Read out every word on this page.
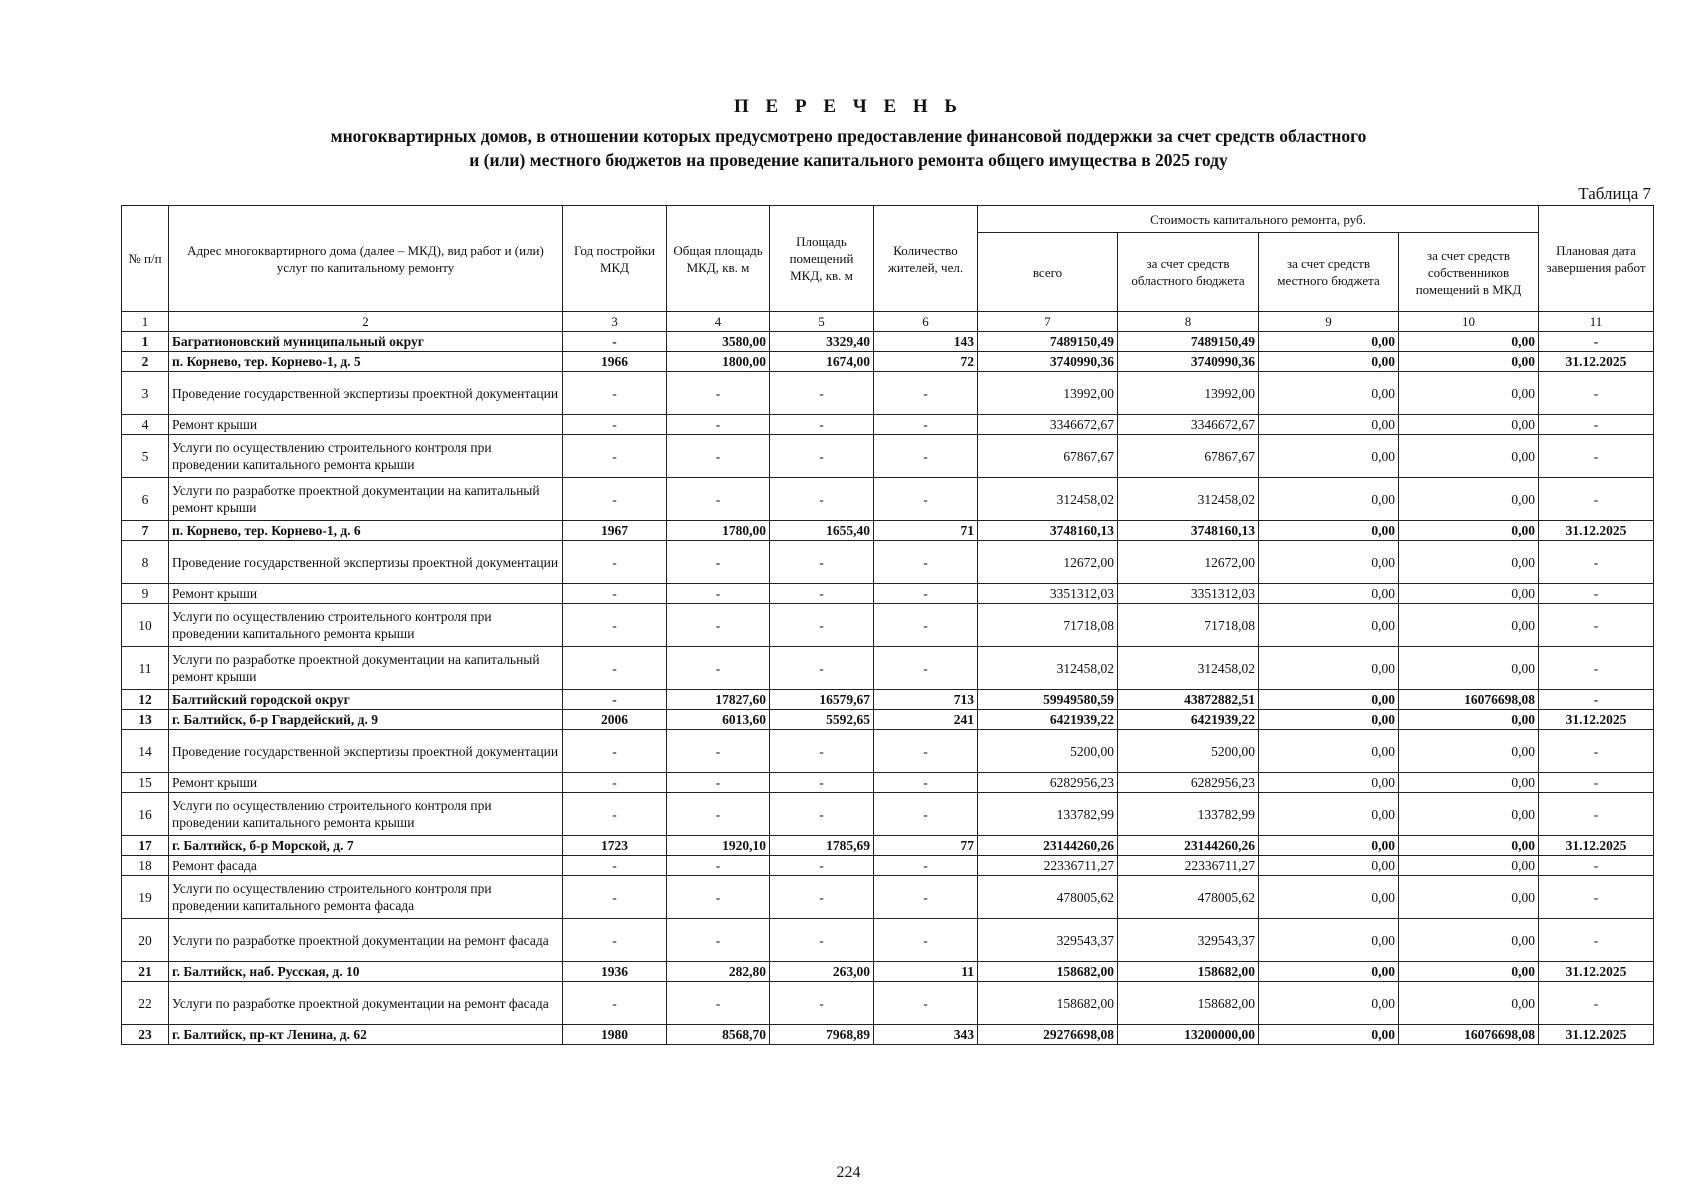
П Е Р Е Ч Е Н Ь
многоквартирных домов, в отношении которых предусмотрено предоставление финансовой поддержки за счет средств областного
и (или) местного бюджетов на проведение капитального ремонта общего имущества в 2025 году
Таблица 7
№ п/п	Адрес многоквартирного дома (далее – МКД), вид работ и (или) услуг по капитальному ремонту	Год постройки МКД	Общая площадь МКД, кв. м	Площадь помещений МКД, кв. м	Количество жителей, чел.	Стоимость капитального ремонта, руб.				Плановая дата завершения работ
						всего	за счет средств областного бюджета	за счет средств местного бюджета	за счет средств собственников помещений в МКД	
1	2	3	4	5	6	7	8	9	10	11
1	Багратионовский муниципальный округ	-	3580,00	3329,40	143	7489150,49	7489150,49	0,00	0,00	-
2	п. Корнево, тер. Корнево-1, д. 5	1966	1800,00	1674,00	72	3740990,36	3740990,36	0,00	0,00	31.12.2025
3	Проведение государственной экспертизы проектной документации	-	-	-	-	13992,00	13992,00	0,00	0,00	-
4	Ремонт крыши	-	-	-	-	3346672,67	3346672,67	0,00	0,00	-
5	Услуги по осуществлению строительного контроля при проведении капитального ремонта крыши	-	-	-	-	67867,67	67867,67	0,00	0,00	-
6	Услуги по разработке проектной документации на капитальный ремонт крыши	-	-	-	-	312458,02	312458,02	0,00	0,00	-
7	п. Корнево, тер. Корнево-1, д. 6	1967	1780,00	1655,40	71	3748160,13	3748160,13	0,00	0,00	31.12.2025
8	Проведение государственной экспертизы проектной документации	-	-	-	-	12672,00	12672,00	0,00	0,00	-
9	Ремонт крыши	-	-	-	-	3351312,03	3351312,03	0,00	0,00	-
10	Услуги по осуществлению строительного контроля при проведении капитального ремонта крыши	-	-	-	-	71718,08	71718,08	0,00	0,00	-
11	Услуги по разработке проектной документации на капитальный ремонт крыши	-	-	-	-	312458,02	312458,02	0,00	0,00	-
12	Балтийский городской округ	-	17827,60	16579,67	713	59949580,59	43872882,51	0,00	16076698,08	-
13	г. Балтийск, б-р Гвардейский, д. 9	2006	6013,60	5592,65	241	6421939,22	6421939,22	0,00	0,00	31.12.2025
14	Проведение государственной экспертизы проектной документации	-	-	-	-	5200,00	5200,00	0,00	0,00	-
15	Ремонт крыши	-	-	-	-	6282956,23	6282956,23	0,00	0,00	-
16	Услуги по осуществлению строительного контроля при проведении капитального ремонта крыши	-	-	-	-	133782,99	133782,99	0,00	0,00	-
17	г. Балтийск, б-р Морской, д. 7	1723	1920,10	1785,69	77	23144260,26	23144260,26	0,00	0,00	31.12.2025
18	Ремонт фасада	-	-	-	-	22336711,27	22336711,27	0,00	0,00	-
19	Услуги по осуществлению строительного контроля при проведении капитального ремонта фасада	-	-	-	-	478005,62	478005,62	0,00	0,00	-
20	Услуги по разработке проектной документации на ремонт фасада	-	-	-	-	329543,37	329543,37	0,00	0,00	-
21	г. Балтийск, наб. Русская, д. 10	1936	282,80	263,00	11	158682,00	158682,00	0,00	0,00	31.12.2025
22	Услуги по разработке проектной документации на ремонт фасада	-	-	-	-	158682,00	158682,00	0,00	0,00	-
23	г. Балтийск, пр-кт Ленина, д. 62	1980	8568,70	7968,89	343	29276698,08	13200000,00	0,00	16076698,08	31.12.2025
224
